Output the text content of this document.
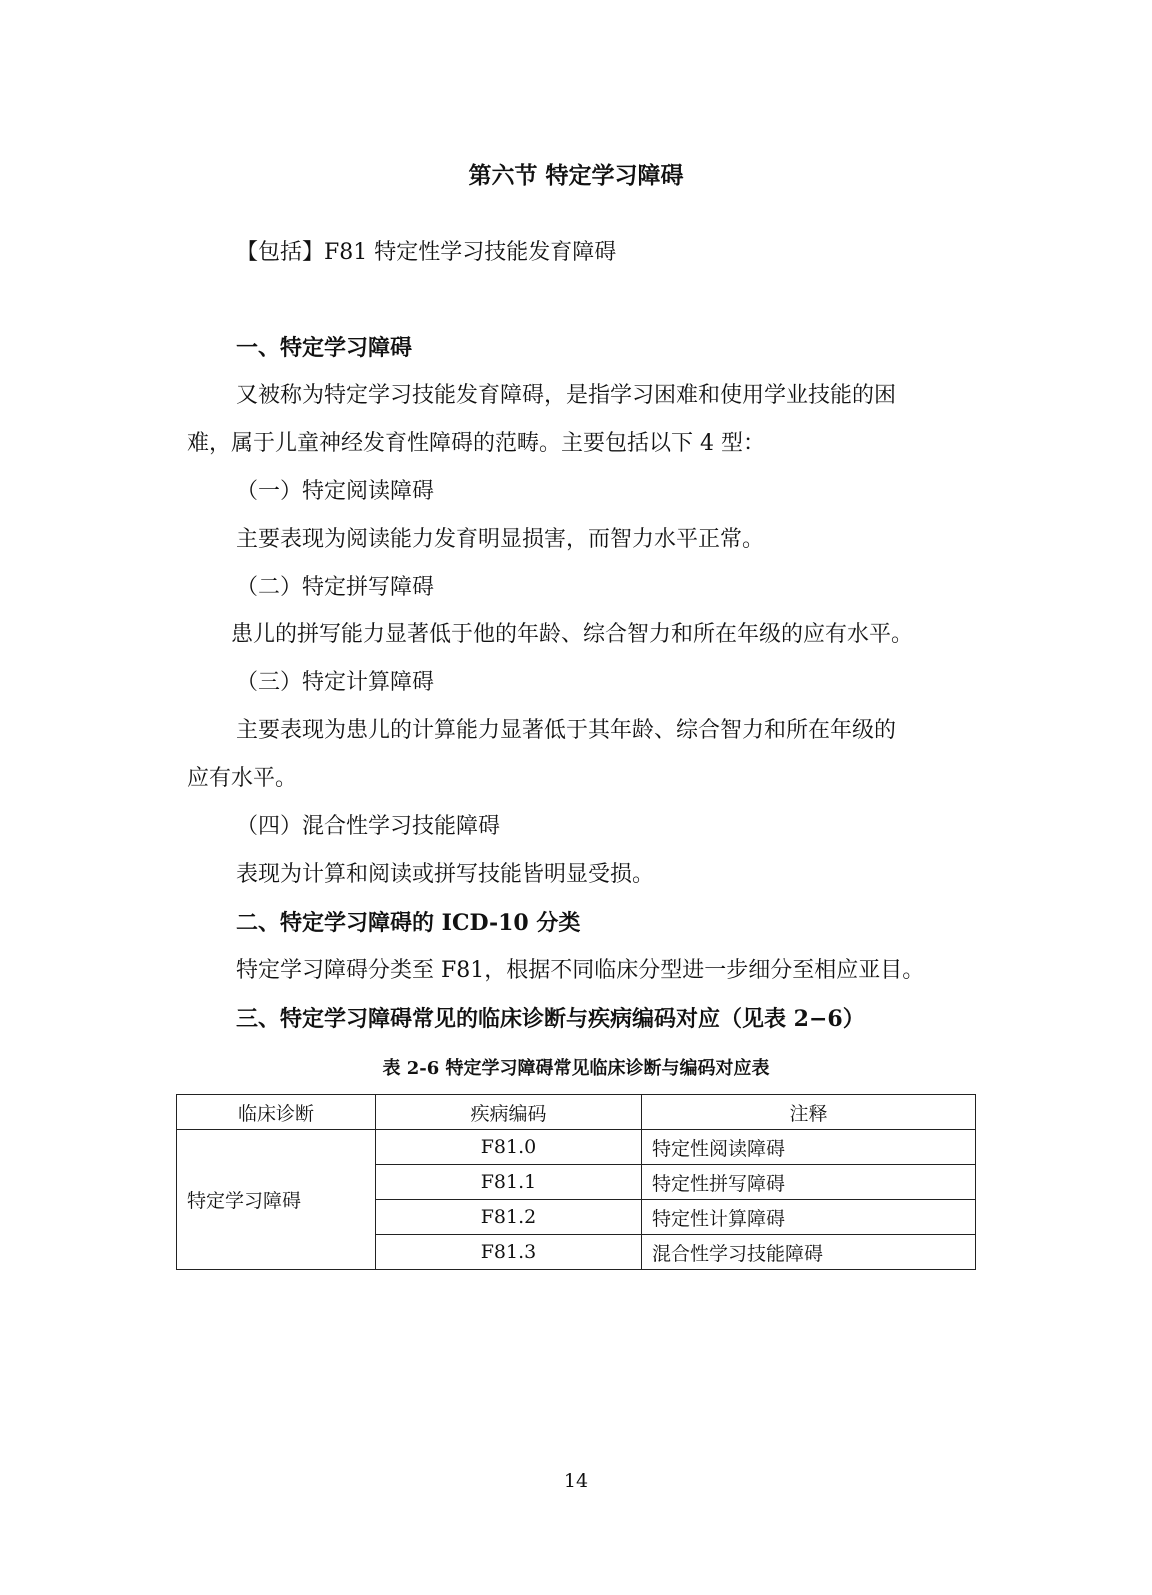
第六节 特定学习障碍
【包括】F81 特定性学习技能发育障碍
一、特定学习障碍
又被称为特定学习技能发育障碍，是指学习困难和使用学业技能的困
难，属于儿童神经发育性障碍的范畴。主要包括以下 4 型：
（一）特定阅读障碍
主要表现为阅读能力发育明显损害，而智力水平正常。
（二）特定拼写障碍
患儿的拼写能力显著低于他的年龄、综合智力和所在年级的应有水平。
（三）特定计算障碍
主要表现为患儿的计算能力显著低于其年龄、综合智力和所在年级的
应有水平。
（四）混合性学习技能障碍
表现为计算和阅读或拼写技能皆明显受损。
二、特定学习障碍的 ICD-10 分类
特定学习障碍分类至 F81，根据不同临床分型进一步细分至相应亚目。
三、特定学习障碍常见的临床诊断与疾病编码对应（见表 2−6）
表 2-6 特定学习障碍常见临床诊断与编码对应表
临床诊断	疾病编码	注释
特定学习障碍	F81.0	特定性阅读障碍
	F81.1	特定性拼写障碍
	F81.2	特定性计算障碍
	F81.3	混合性学习技能障碍
14
